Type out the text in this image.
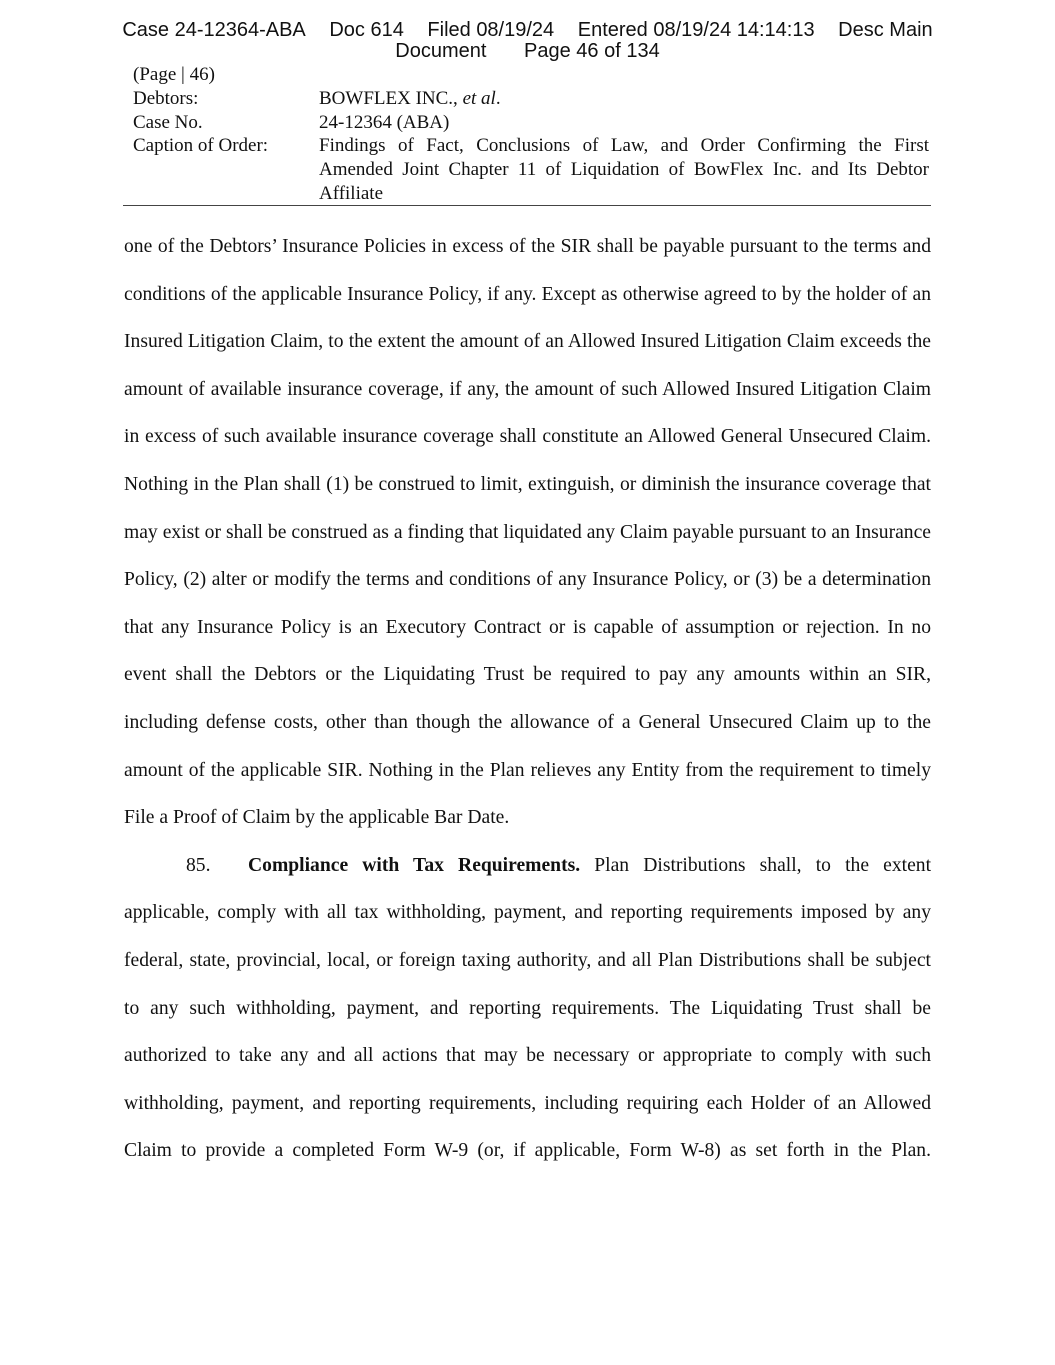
Case 24-12364-ABA Doc 614 Filed 08/19/24 Entered 08/19/24 14:14:13 Desc Main
Document Page 46 of 134
(Page | 46)
Debtors:	BOWFLEX INC., et al.
Case No.	24-12364 (ABA)
Caption of Order:	Findings of Fact, Conclusions of Law, and Order Confirming the First Amended Joint Chapter 11 of Liquidation of BowFlex Inc. and Its Debtor Affiliate

one of the Debtors’ Insurance Policies in excess of the SIR shall be payable pursuant to the terms and conditions of the applicable Insurance Policy, if any. Except as otherwise agreed to by the holder of an Insured Litigation Claim, to the extent the amount of an Allowed Insured Litigation Claim exceeds the amount of available insurance coverage, if any, the amount of such Allowed Insured Litigation Claim in excess of such available insurance coverage shall constitute an Allowed General Unsecured Claim. Nothing in the Plan shall (1) be construed to limit, extinguish, or diminish the insurance coverage that may exist or shall be construed as a finding that liquidated any Claim payable pursuant to an Insurance Policy, (2) alter or modify the terms and conditions of any Insurance Policy, or (3) be a determination that any Insurance Policy is an Executory Contract or is capable of assumption or rejection. In no event shall the Debtors or the Liquidating Trust be required to pay any amounts within an SIR, including defense costs, other than though the allowance of a General Unsecured Claim up to the amount of the applicable SIR. Nothing in the Plan relieves any Entity from the requirement to timely File a Proof of Claim by the applicable Bar Date.

85. Compliance with Tax Requirements. Plan Distributions shall, to the extent applicable, comply with all tax withholding, payment, and reporting requirements imposed by any federal, state, provincial, local, or foreign taxing authority, and all Plan Distributions shall be subject to any such withholding, payment, and reporting requirements. The Liquidating Trust shall be authorized to take any and all actions that may be necessary or appropriate to comply with such withholding, payment, and reporting requirements, including requiring each Holder of an Allowed Claim to provide a completed Form W-9 (or, if applicable, Form W-8) as set forth in the Plan.
